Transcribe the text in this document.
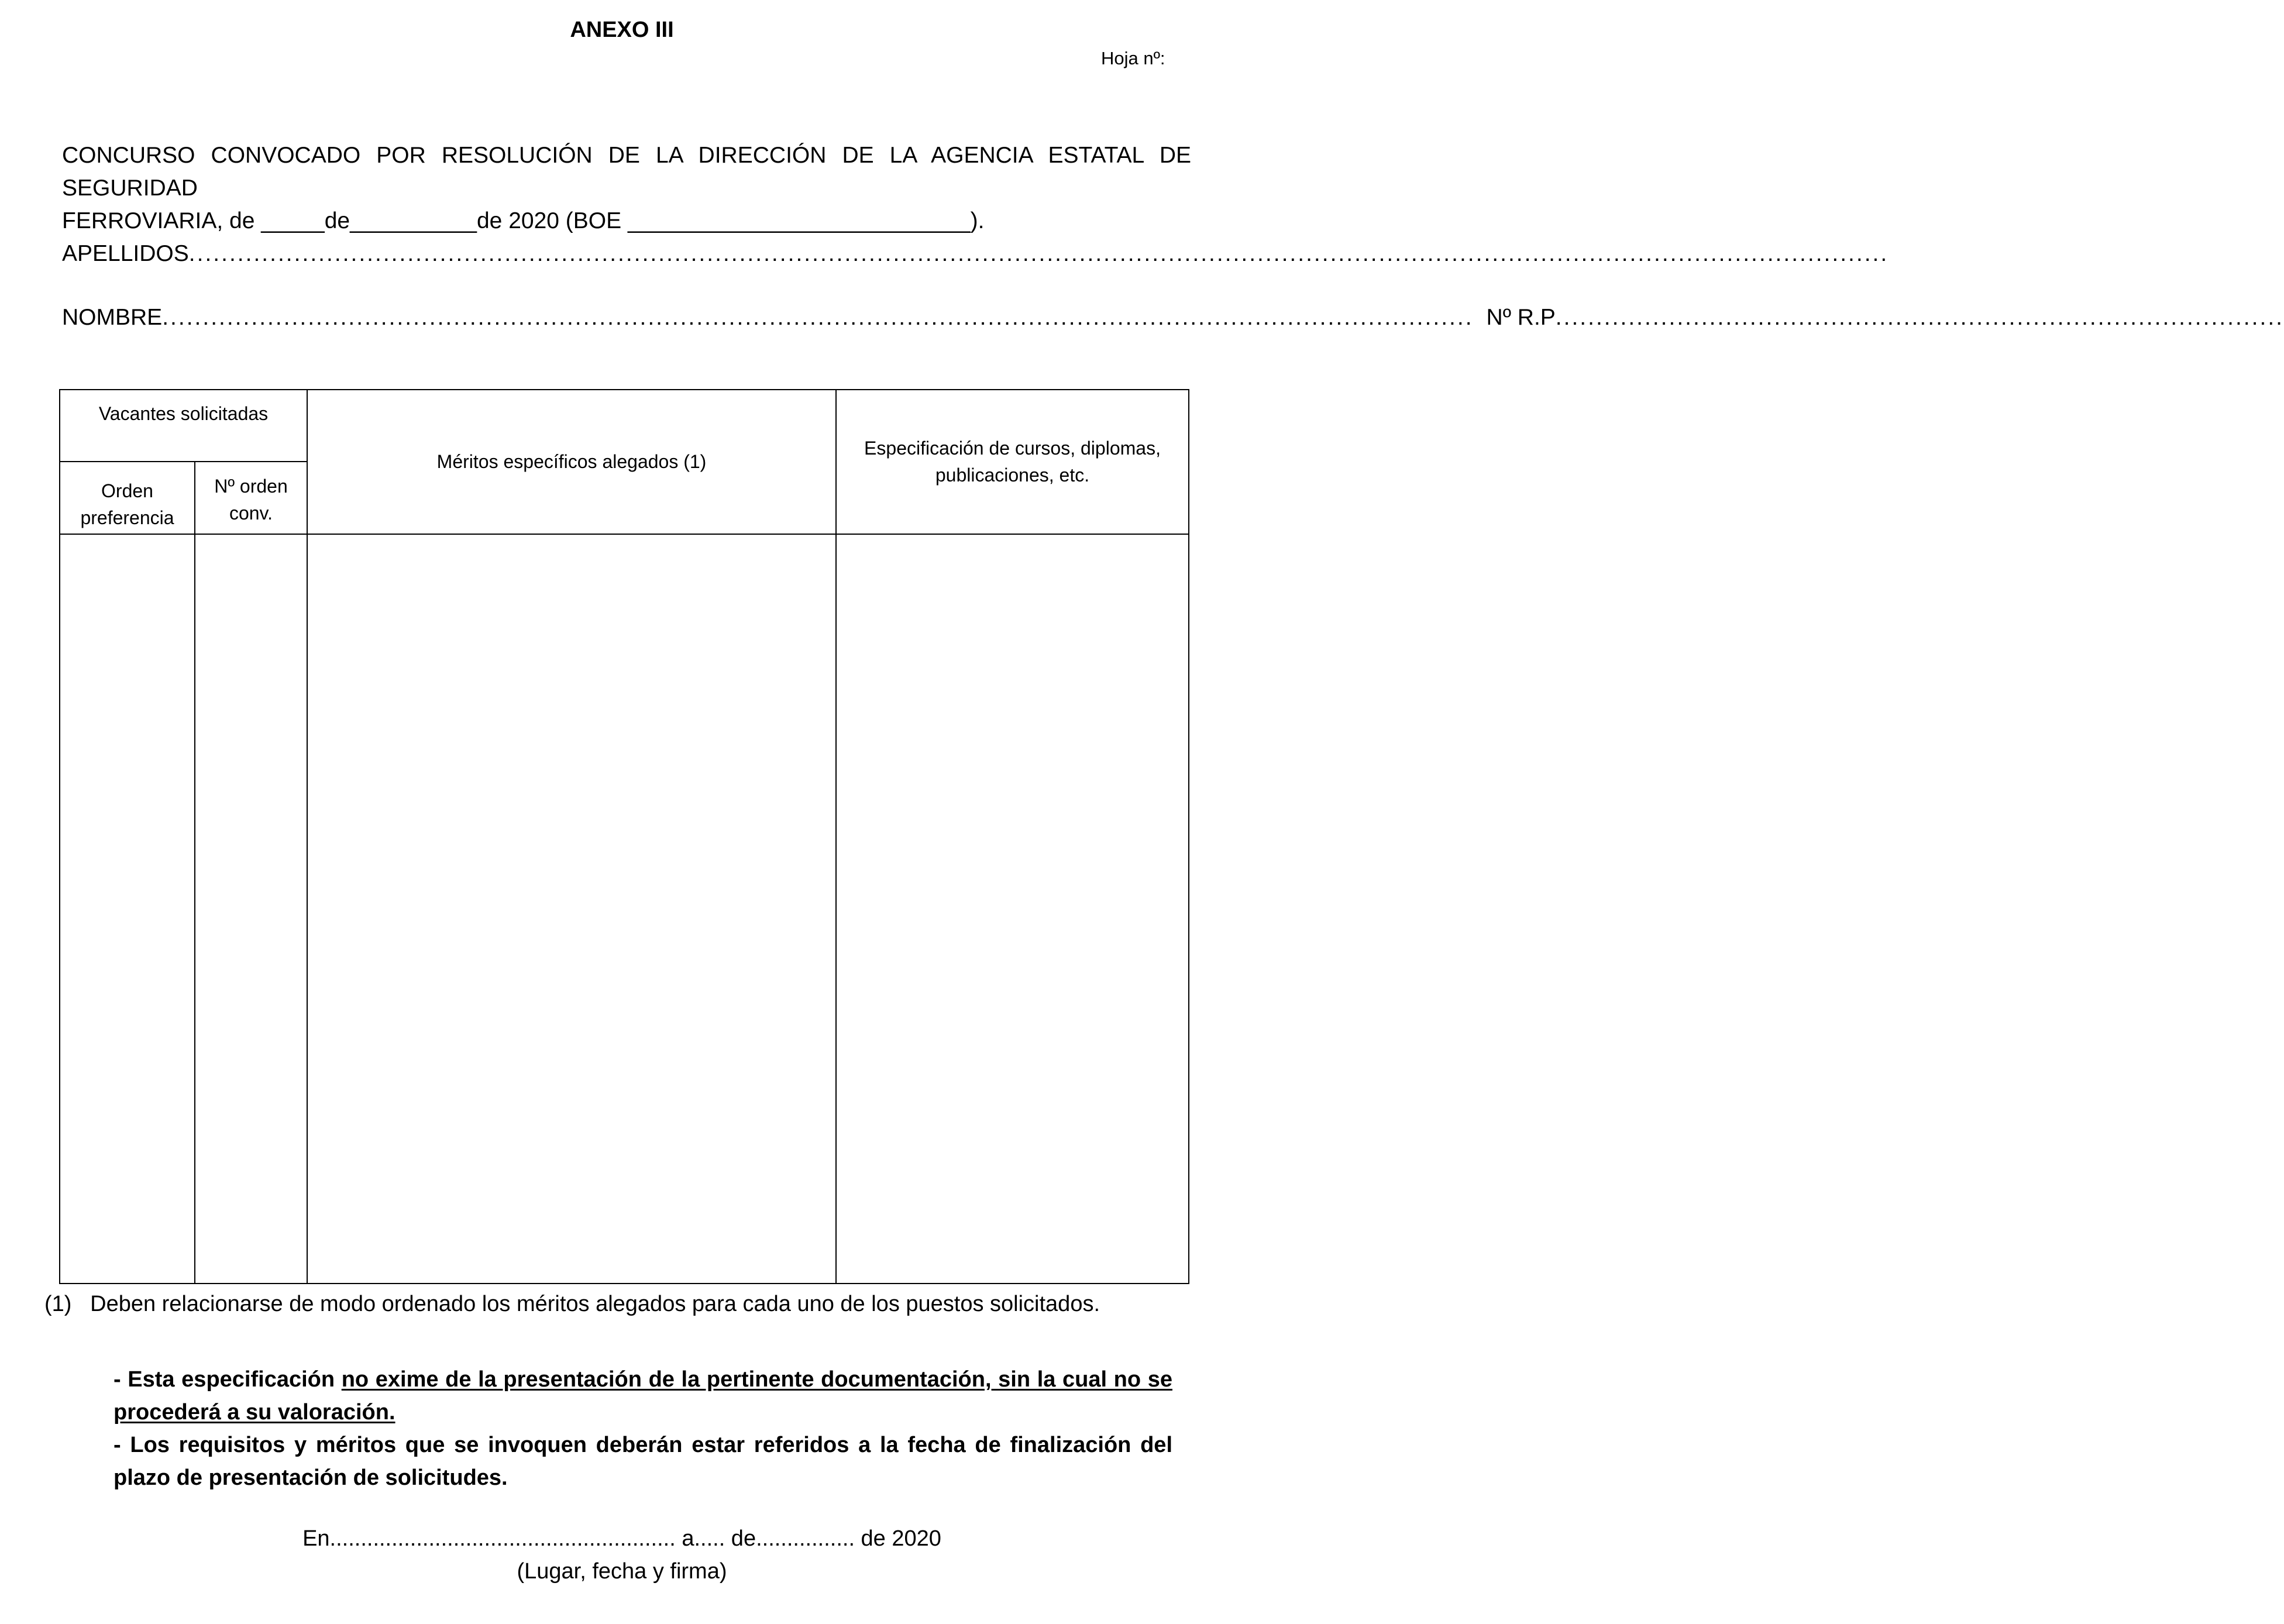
ANEXO III
Hoja nº:
CONCURSO CONVOCADO POR RESOLUCIÓN DE LA DIRECCIÓN DE LA AGENCIA ESTATAL DE SEGURIDAD
FERROVIARIA, de _____de__________de 2020 (BOE ___________________________).
APELLIDOS ..................................................................................................................................................................................................................
NOMBRE .................................................................................................................................................................. Nº R.P ..........................................................................................
Vacantes solicitadas
Orden preferencia
Nº orden conv.
Méritos específicos alegados (1)
Especificación de cursos, diplomas, publicaciones, etc.
(1) Deben relacionarse de modo ordenado los méritos alegados para cada uno de los puestos solicitados.

- Esta especificación no exime de la presentación de la pertinente documentación, sin la cual no se procederá a su valoración.

- Los requisitos y méritos que se invoquen deberán estar referidos a la fecha de finalización del plazo de presentación de solicitudes.

En........................................................ a..... de................ de 2020
(Lugar, fecha y firma)
